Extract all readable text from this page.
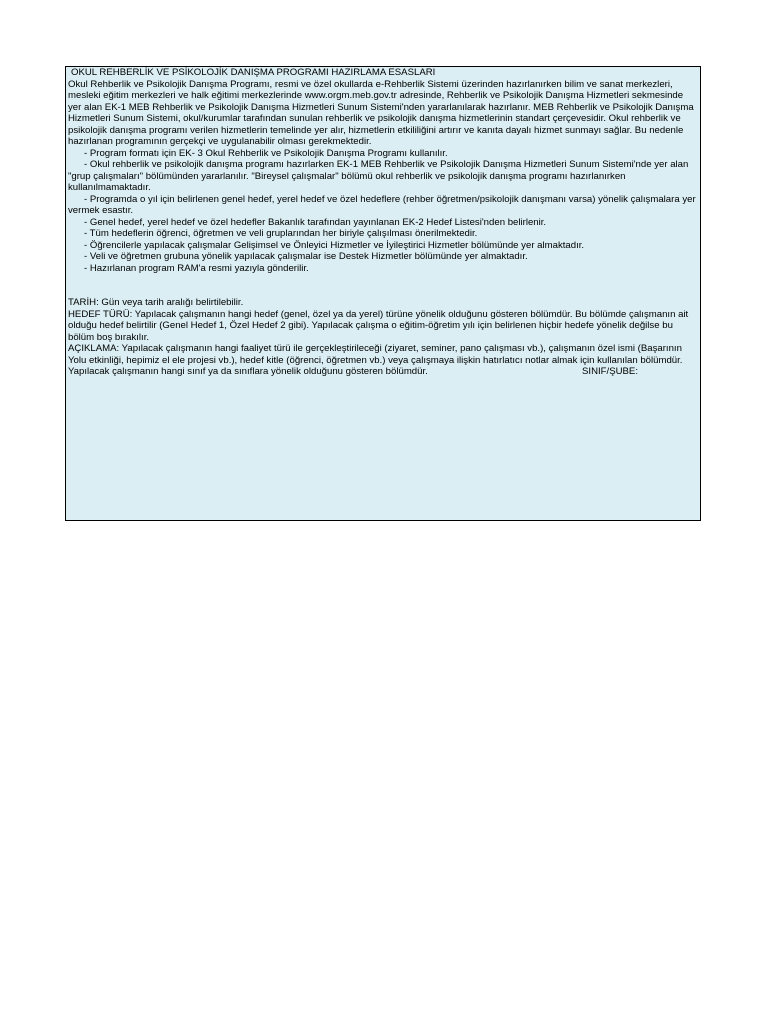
OKUL REHBERLİK VE PSİKOLOJİK DANIŞMA PROGRAMI HAZIRLAMA ESASLARI

Okul Rehberlik ve Psikolojik Danışma Programı, resmi ve özel okullarda e-Rehberlik Sistemi üzerinden hazırlanırken bilim ve sanat merkezleri, mesleki eğitim merkezleri ve halk eğitimi merkezlerinde www.orgm.meb.gov.tr adresinde, Rehberlik ve Psikolojik Danışma Hizmetleri sekmesinde yer alan EK-1 MEB Rehberlik ve Psikolojik Danışma Hizmetleri Sunum Sistemi'nden yararlanılarak hazırlanır. MEB Rehberlik ve Psikolojik Danışma Hizmetleri Sunum Sistemi, okul/kurumlar tarafından sunulan rehberlik ve psikolojik danışma hizmetlerinin standart çerçevesidir. Okul rehberlik ve psikolojik danışma programı verilen hizmetlerin temelinde yer alır, hizmetlerin etkililiğini artırır ve kanıta dayalı hizmet sunmayı sağlar. Bu nedenle hazırlanan programının gerçekçi ve uygulanabilir olması gerekmektedir.

- Program formatı için EK- 3 Okul Rehberlik ve Psikolojik Danışma Programı kullanılır.

- Okul rehberlik ve psikolojik danışma programı hazırlarken EK-1 MEB Rehberlik ve Psikolojik Danışma Hizmetleri Sunum Sistemi'nde yer alan "grup çalışmaları" bölümünden yararlanılır. "Bireysel çalışmalar" bölümü okul rehberlik ve psikolojik danışma programı hazırlanırken kullanılmamaktadır.

- Programda o yıl için belirlenen genel hedef, yerel hedef ve özel hedeflere (rehber öğretmen/psikolojik danışmanı varsa) yönelik çalışmalara yer vermek esastır.

- Genel hedef, yerel hedef ve özel hedefler Bakanlık tarafından yayınlanan EK-2 Hedef Listesi'nden belirlenir.

- Tüm hedeflerin öğrenci, öğretmen ve veli gruplarından her biriyle çalışılması önerilmektedir.

- Öğrencilerle yapılacak çalışmalar Gelişimsel ve Önleyici Hizmetler ve İyileştirici Hizmetler bölümünde yer almaktadır.

- Veli ve öğretmen grubuna yönelik yapılacak çalışmalar ise Destek Hizmetler bölümünde yer almaktadır.

- Hazırlanan program RAM'a resmi yazıyla gönderilir.

TARİH: Gün veya tarih aralığı belirtilebilir.

HEDEF TÜRÜ: Yapılacak çalışmanın hangi hedef (genel, özel ya da yerel) türüne yönelik olduğunu gösteren bölümdür. Bu bölümde çalışmanın ait olduğu hedef belirtilir (Genel Hedef 1, Özel Hedef 2 gibi). Yapılacak çalışma o eğitim-öğretim yılı için belirlenen hiçbir hedefe yönelik değilse bu bölüm boş bırakılır.

AÇIKLAMA: Yapılacak çalışmanın hangi faaliyet türü ile gerçekleştirileceği (ziyaret, seminer, pano çalışması vb.), çalışmanın özel ismi (Başarının Yolu etkinliği, hepimiz el ele projesi vb.), hedef kitle (öğrenci, öğretmen vb.) veya çalışmaya ilişkin hatırlatıcı notlar almak için kullanılan bölümdür.
SINIF/ŞUBE:

Yapılacak çalışmanın hangi sınıf ya da sınıflara yönelik olduğunu gösteren bölümdür.
